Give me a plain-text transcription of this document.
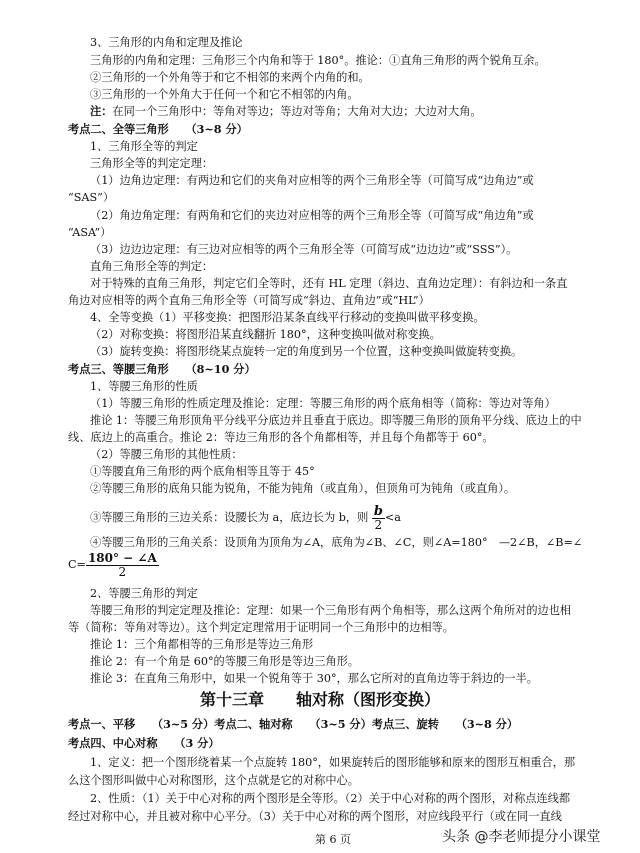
3、三角形的内角和定理及推论
三角形的内角和定理：三角形三个内角和等于 180°。推论：①直角三角形的两个锐角互余。
②三角形的一个外角等于和它不相邻的来两个内角的和。
③三角形的一个外角大于任何一个和它不相邻的内角。
注：在同一个三角形中：等角对等边；等边对等角；大角对大边；大边对大角。
考点二、全等三角形　　（3~8 分）
1、三角形全等的判定
三角形全等的判定定理：
（1）边角边定理：有两边和它们的夹角对应相等的两个三角形全等（可简写成“边角边”或
“SAS”）
（2）角边角定理：有两角和它们的夹边对应相等的两个三角形全等（可简写成“角边角”或
“ASA”）
（3）边边边定理：有三边对应相等的两个三角形全等（可简写成“边边边”或“SSS”）。
直角三角形全等的判定：
对于特殊的直角三角形，判定它们全等时，还有 HL 定理（斜边、直角边定理）：有斜边和一条直
角边对应相等的两个直角三角形全等（可简写成“斜边、直角边”或“HL”）
4、全等变换（1）平移变换：把图形沿某条直线平行移动的变换叫做平移变换。
（2）对称变换：将图形沿某直线翻折 180°，这种变换叫做对称变换。
（3）旋转变换：将图形绕某点旋转一定的角度到另一个位置，这种变换叫做旋转变换。
考点三、等腰三角形　　（8~10 分）
1、等腰三角形的性质
（1）等腰三角形的性质定理及推论：定理：等腰三角形的两个底角相等（简称：等边对等角）
推论 1：等腰三角形顶角平分线平分底边并且垂直于底边。即等腰三角形的顶角平分线、底边上的中
线、底边上的高重合。推论 2：等边三角形的各个角都相等，并且每个角都等于 60°。
（2）等腰三角形的其他性质：
①等腰直角三角形的两个底角相等且等于 45°
②等腰三角形的底角只能为锐角，不能为钝角（或直角），但顶角可为钝角（或直角）。
③等腰三角形的三边关系：设腰长为 a，底边长为 b，则 $\frac{b}{2} <a$
④等腰三角形的三角关系：设顶角为顶角为∠A，底角为∠B、∠C，则∠A=180°　—2∠B，∠B=∠
$C= \frac{180^\circ - \angle A}{2}$
2、等腰三角形的判定
等腰三角形的判定定理及推论：定理：如果一个三角形有两个角相等，那么这两个角所对的边也相
等（简称：等角对等边）。这个判定定理常用于证明同一个三角形中的边相等。
推论 1：三个角都相等的三角形是等边三角形
推论 2：有一个角是 60°的等腰三角形是等边三角形。
推论 3：在直角三角形中，如果一个锐角等于 30°，那么它所对的直角边等于斜边的一半。
第十三章　　轴对称（图形变换）
考点一、平移　　（3~5 分）考点二、轴对称　　（3~5 分）考点三、旋转　　（3~8 分）
考点四、中心对称　　（3 分）
1、定义：把一个图形绕着某一个点旋转 180°，如果旋转后的图形能够和原来的图形互相重合，那
么这个图形叫做中心对称图形，这个点就是它的对称中心。
2、性质：（1）关于中心对称的两个图形是全等形。（2）关于中心对称的两个图形，对称点连线都
经过对称中心，并且被对称中心平分。（3）关于中心对称的两个图形，对应线段平行（或在同一直线
第 6 页	头条 @李老师提分小课堂
